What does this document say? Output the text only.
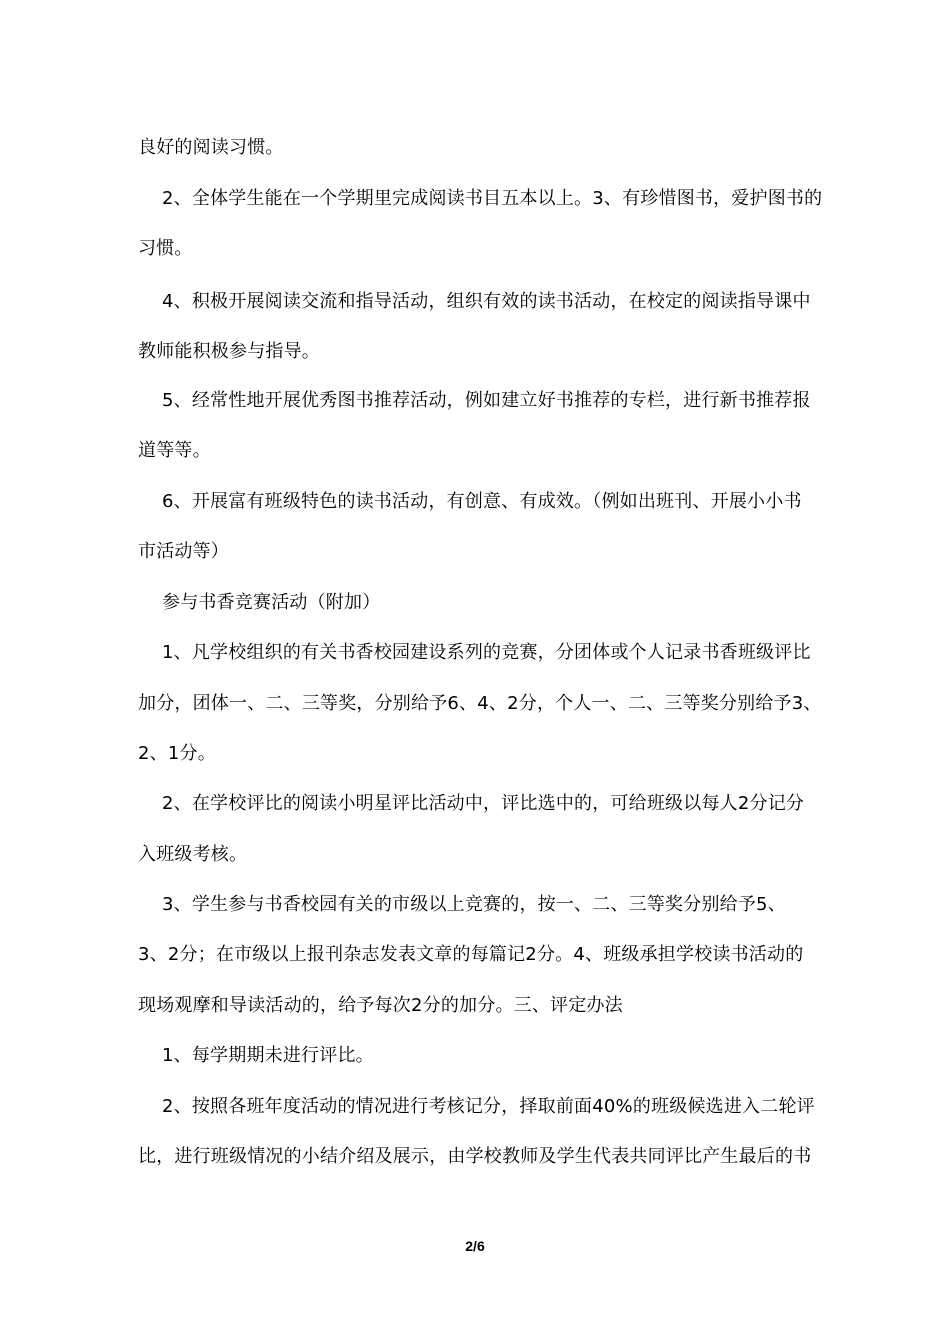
良好的阅读习惯。
2、全体学生能在一个学期里完成阅读书目五本以上。3、有珍惜图书，爱护图书的
习惯。
4、积极开展阅读交流和指导活动，组织有效的读书活动，在校定的阅读指导课中
教师能积极参与指导。
5、经常性地开展优秀图书推荐活动，例如建立好书推荐的专栏，进行新书推荐报
道等等。
6、开展富有班级特色的读书活动，有创意、有成效。（例如出班刊、开展小小书
市活动等）
参与书香竞赛活动（附加）
1、凡学校组织的有关书香校园建设系列的竞赛，分团体或个人记录书香班级评比
加分，团体一、二、三等奖，分别给予6、4、2分，个人一、二、三等奖分别给予3、
2、1分。
2、在学校评比的阅读小明星评比活动中，评比选中的，可给班级以每人2分记分
入班级考核。
3、学生参与书香校园有关的市级以上竞赛的，按一、二、三等奖分别给予5、
3、2分；在市级以上报刊杂志发表文章的每篇记2分。4、班级承担学校读书活动的
现场观摩和导读活动的，给予每次2分的加分。三、评定办法
1、每学期期未进行评比。
2、按照各班年度活动的情况进行考核记分，择取前面40%的班级候选进入二轮评
比，进行班级情况的小结介绍及展示，由学校教师及学生代表共同评比产生最后的书
2/6
